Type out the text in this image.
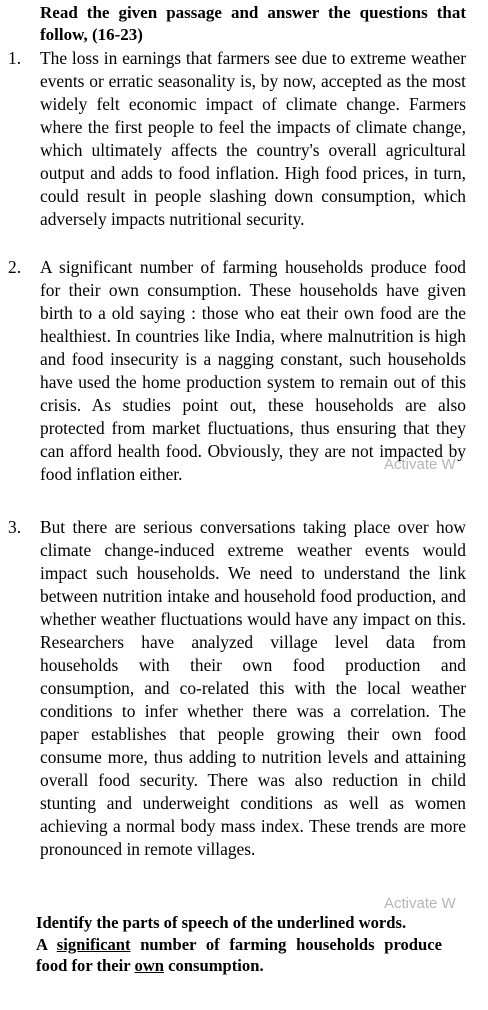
Read the given passage and answer the questions that follow, (16-23)
1.	The loss in earnings that farmers see due to extreme weather events or erratic seasonality is, by now, accepted as the most widely felt economic impact of climate change. Farmers where the first people to feel the impacts of climate change, which ultimately affects the country's overall agricultural output and adds to food inflation. High food prices, in turn, could result in people slashing down consumption, which adversely impacts nutritional security.
2.	A significant number of farming households produce food for their own consumption. These households have given birth to a old saying : those who eat their own food are the healthiest. In countries like India, where malnutrition is high and food insecurity is a nagging constant, such households have used the home production system to remain out of this crisis. As studies point out, these households are also protected from market fluctuations, thus ensuring that they can afford health food. Obviously, they are not impacted by food inflation either.
3.	But there are serious conversations taking place over how climate change-induced extreme weather events would impact such households. We need to understand the link between nutrition intake and household food production, and whether weather fluctuations would have any impact on this. Researchers have analyzed village level data from households with their own food production and consumption, and co-related this with the local weather conditions to infer whether there was a correlation. The paper establishes that people growing their own food consume more, thus adding to nutrition levels and attaining overall food security. There was also reduction in child stunting and underweight conditions as well as women achieving a normal body mass index. These trends are more pronounced in remote villages.
Activate W
Activate W
Identify the parts of speech of the underlined words.
A significant number of farming households produce food for their own consumption.
